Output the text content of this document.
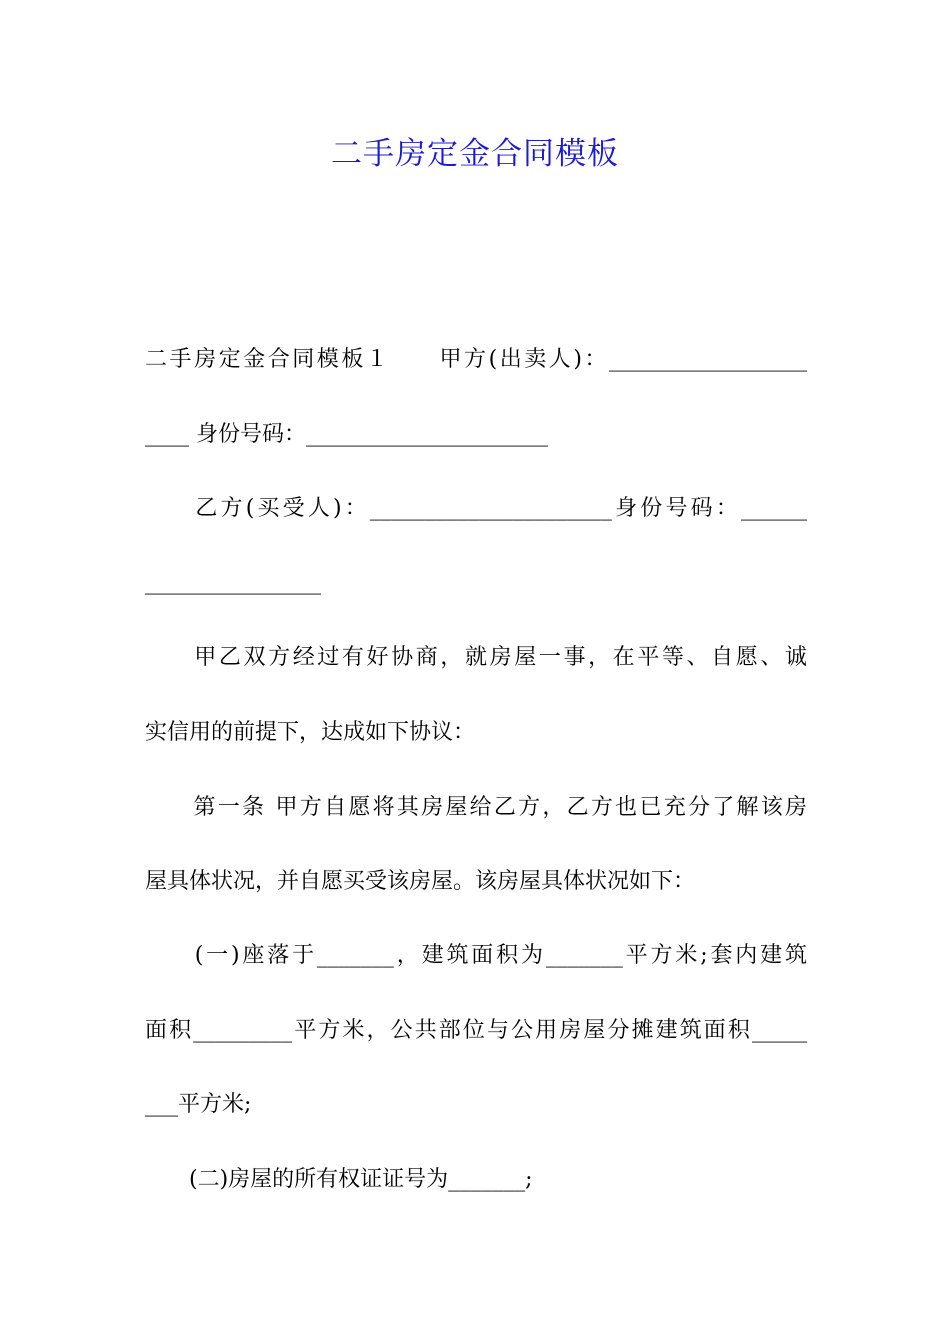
二手房定金合同模板

二手房定金合同模板１　　甲方(出卖人)：__________________

____ 身份号码：______________________

　　乙方(买受人)：______________________身份号码：______

________________

　　甲乙双方经过有好协商，就房屋一事，在平等、自愿、诚

实信用的前提下，达成如下协议：

　　第一条 甲方自愿将其房屋给乙方，乙方也已充分了解该房

屋具体状况，并自愿买受该房屋。该房屋具体状况如下：

　　(一)座落于_______，建筑面积为_______平方米;套内建筑

面积_________平方米，公共部位与公用房屋分摊建筑面积_____

___平方米;

　　(二)房屋的所有权证证号为_______;
